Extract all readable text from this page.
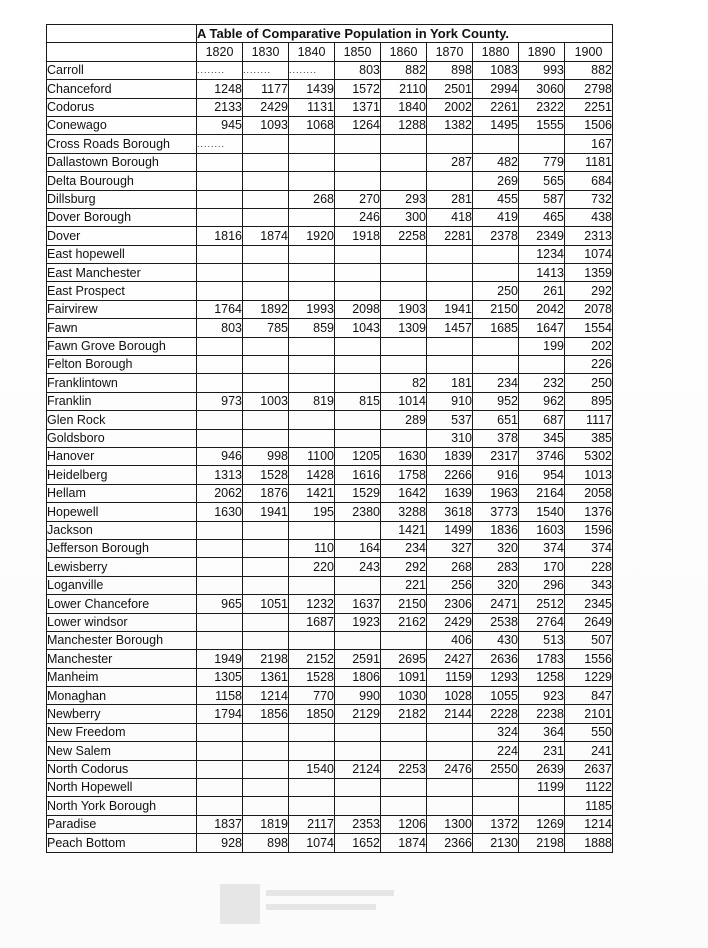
	A Table of Comparative Population in York County.								
	1820	1830	1840	1850	1860	1870	1880	1890	1900
Carroll	........	........	........	803	882	898	1083	993	882
Chanceford	1248	1177	1439	1572	2110	2501	2994	3060	2798
Codorus	2133	2429	1131	1371	1840	2002	2261	2322	2251
Conewago	945	1093	1068	1264	1288	1382	1495	1555	1506
Cross Roads Borough	........								167
Dallastown Borough						287	482	779	1181
Delta Bourough							269	565	684
Dillsburg			268	270	293	281	455	587	732
Dover Borough				246	300	418	419	465	438
Dover	1816	1874	1920	1918	2258	2281	2378	2349	2313
East hopewell								1234	1074
East Manchester								1413	1359
East Prospect							250	261	292
Fairvirew	1764	1892	1993	2098	1903	1941	2150	2042	2078
Fawn	803	785	859	1043	1309	1457	1685	1647	1554
Fawn Grove Borough								199	202
Felton Borough									226
Franklintown					82	181	234	232	250
Franklin	973	1003	819	815	1014	910	952	962	895
Glen Rock					289	537	651	687	1117
Goldsboro						310	378	345	385
Hanover	946	998	1100	1205	1630	1839	2317	3746	5302
Heidelberg	1313	1528	1428	1616	1758	2266	916	954	1013
Hellam	2062	1876	1421	1529	1642	1639	1963	2164	2058
Hopewell	1630	1941	195	2380	3288	3618	3773	1540	1376
Jackson					1421	1499	1836	1603	1596
Jefferson Borough			110	164	234	327	320	374	374
Lewisberry			220	243	292	268	283	170	228
Loganville					221	256	320	296	343
Lower Chancefore	965	1051	1232	1637	2150	2306	2471	2512	2345
Lower windsor			1687	1923	2162	2429	2538	2764	2649
Manchester Borough						406	430	513	507
Manchester	1949	2198	2152	2591	2695	2427	2636	1783	1556
Manheim	1305	1361	1528	1806	1091	1159	1293	1258	1229
Monaghan	1158	1214	770	990	1030	1028	1055	923	847
Newberry	1794	1856	1850	2129	2182	2144	2228	2238	2101
New Freedom							324	364	550
New Salem							224	231	241
North Codorus			1540	2124	2253	2476	2550	2639	2637
North Hopewell								1199	1122
North York Borough									1185
Paradise	1837	1819	2117	2353	1206	1300	1372	1269	1214
Peach Bottom	928	898	1074	1652	1874	2366	2130	2198	1888
